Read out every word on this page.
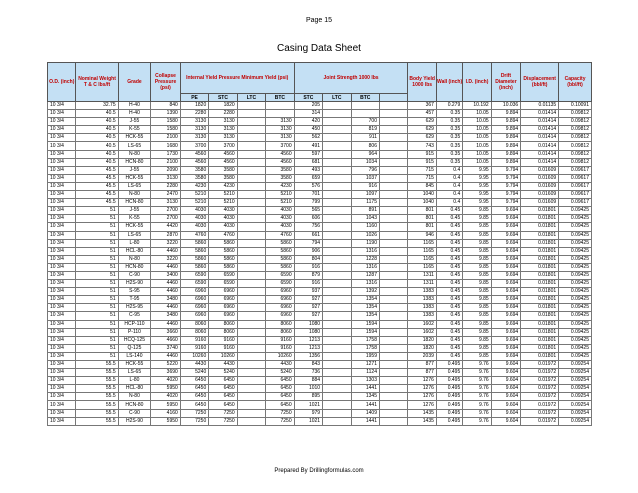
Page 15
Casing Data Sheet
O.D. (inch)	Nominal Weight T & C lbs/ft	Grade	Collapse Pressure (psi)	Internal Yield Pressure Minimum Yield (psi)				Joint Strength 1000 lbs				Body Yield 1000 lbs	Wall (inch)	I.D. (inch)	Drift Diameter (inch)	Displacement (bbl/ft)	Capacity (bbl/ft)
				PE	STC	LTC	BTC	STC	LTC	BTC							
10 3/4	32.75	H-40	840	1820	1820			205				367	0.279	10.192	10.036	0.01135	0.10091
10 3/4	40.5	H-40	1390	2280	2280			314				457	0.35	10.05	9.894	0.01414	0.09812
10 3/4	40.5	J-55	1580	3130	3130		3130	420		700		629	0.35	10.05	9.894	0.01414	0.09812
10 3/4	40.5	K-55	1580	3130	3130		3130	450		819		629	0.35	10.05	9.894	0.01414	0.09812
10 3/4	40.5	HCK-55	2100	3130	3130		3130	562		911		629	0.35	10.05	9.894	0.01414	0.09812
10 3/4	40.5	LS-65	1680	3700	3700		3700	491		806		743	0.35	10.05	9.894	0.01414	0.09812
10 3/4	40.5	N-80	1730	4560	4560		4560	597		964		915	0.35	10.05	9.894	0.01414	0.09812
10 3/4	40.5	HCN-80	2100	4560	4560		4560	681		1034		915	0.35	10.05	9.894	0.01414	0.09812
10 3/4	45.5	J-55	2090	3580	3580		3580	493		796		715	0.4	9.95	9.794	0.01609	0.09617
10 3/4	45.5	HCK-55	3130	3580	3580		3580	659		1037		715	0.4	9.95	9.794	0.01609	0.09617
10 3/4	45.5	LS-65	2280	4230	4230		4230	576		916		845	0.4	9.95	9.794	0.01609	0.09617
10 3/4	45.5	N-80	2470	5210	5210		5210	701		1097		1040	0.4	9.95	9.794	0.01609	0.09617
10 3/4	45.5	HCN-80	3130	5210	5210		5210	799		1175		1040	0.4	9.95	9.794	0.01609	0.09617
10 3/4	51	J-55	2700	4030	4030		4030	565		891		801	0.45	9.85	9.694	0.01801	0.09425
10 3/4	51	K-55	2700	4030	4030		4030	606		1043		801	0.45	9.85	9.694	0.01801	0.09425
10 3/4	51	HCK-55	4420	4030	4030		4030	756		1160		801	0.45	9.85	9.694	0.01801	0.09425
10 3/4	51	LS-65	2870	4760	4760		4760	661		1026		946	0.45	9.85	9.694	0.01801	0.09425
10 3/4	51	L-80	3220	5860	5860		5860	794		1190		1165	0.45	9.85	9.694	0.01801	0.09425
10 3/4	51	HCL-80	4460	5860	5860		5860	906		1316		1165	0.45	9.85	9.694	0.01801	0.09425
10 3/4	51	N-80	3220	5860	5860		5860	804		1228		1165	0.45	9.85	9.694	0.01801	0.09425
10 3/4	51	HCN-80	4460	5860	5860		5860	916		1316		1165	0.45	9.85	9.694	0.01801	0.09425
10 3/4	51	C-90	3400	6590	6590		6590	879		1287		1311	0.45	9.85	9.694	0.01801	0.09425
10 3/4	51	H2S-90	4460	6590	6590		6590	916		1316		1311	0.45	9.85	9.694	0.01801	0.09425
10 3/4	51	S-95	4460	6960	6960		6960	937		1392		1383	0.45	9.85	9.694	0.01801	0.09425
10 3/4	51	T-95	3480	6960	6960		6960	927		1354		1383	0.45	9.85	9.694	0.01801	0.09425
10 3/4	51	H2S-95	4460	6960	6960		6960	927		1354		1383	0.45	9.85	9.694	0.01801	0.09425
10 3/4	51	C-95	3480	6960	6960		6960	927		1354		1383	0.45	9.85	9.694	0.01801	0.09425
10 3/4	51	HCP-110	4460	8060	8060		8060	1080		1594		1602	0.45	9.85	9.694	0.01801	0.09425
10 3/4	51	P-110	3660	8060	8060		8060	1080		1594		1602	0.45	9.85	9.694	0.01801	0.09425
10 3/4	51	HCQ-125	4660	9160	9160		9160	1213		1758		1820	0.45	9.85	9.694	0.01801	0.09425
10 3/4	51	Q-125	3740	9160	9160		9160	1213		1758		1820	0.45	9.85	9.694	0.01801	0.09425
10 3/4	51	LS-140	4460	10260	10260		10260	1356		1959		2039	0.45	9.85	9.694	0.01801	0.09425
10 3/4	55.5	HCK-55	5220	4430	4430		4430	843		1271		877	0.495	9.76	9.604	0.01972	0.09254
10 3/4	55.5	LS-65	3690	5240	5240		5240	736		1124		877	0.495	9.76	9.604	0.01972	0.09254
10 3/4	55.5	L-80	4020	6450	6450		6450	884		1303		1276	0.495	9.76	9.604	0.01972	0.09254
10 3/4	55.5	HCL-80	5950	6450	6450		6450	1010		1441		1276	0.495	9.76	9.604	0.01972	0.09254
10 3/4	55.5	N-80	4020	6450	6450		6450	895		1345		1276	0.495	9.76	9.604	0.01972	0.09254
10 3/4	55.5	HCN-80	5950	6450	6450		6450	1021		1441		1276	0.495	9.76	9.604	0.01972	0.09254
10 3/4	55.5	C-90	4160	7250	7250		7250	979		1409		1435	0.495	9.76	9.604	0.01972	0.09254
10 3/4	55.5	H2S-90	5950	7250	7250		7250	1021		1441		1435	0.495	9.76	9.604	0.01972	0.09254
Prepared By Drillingformulas.com
